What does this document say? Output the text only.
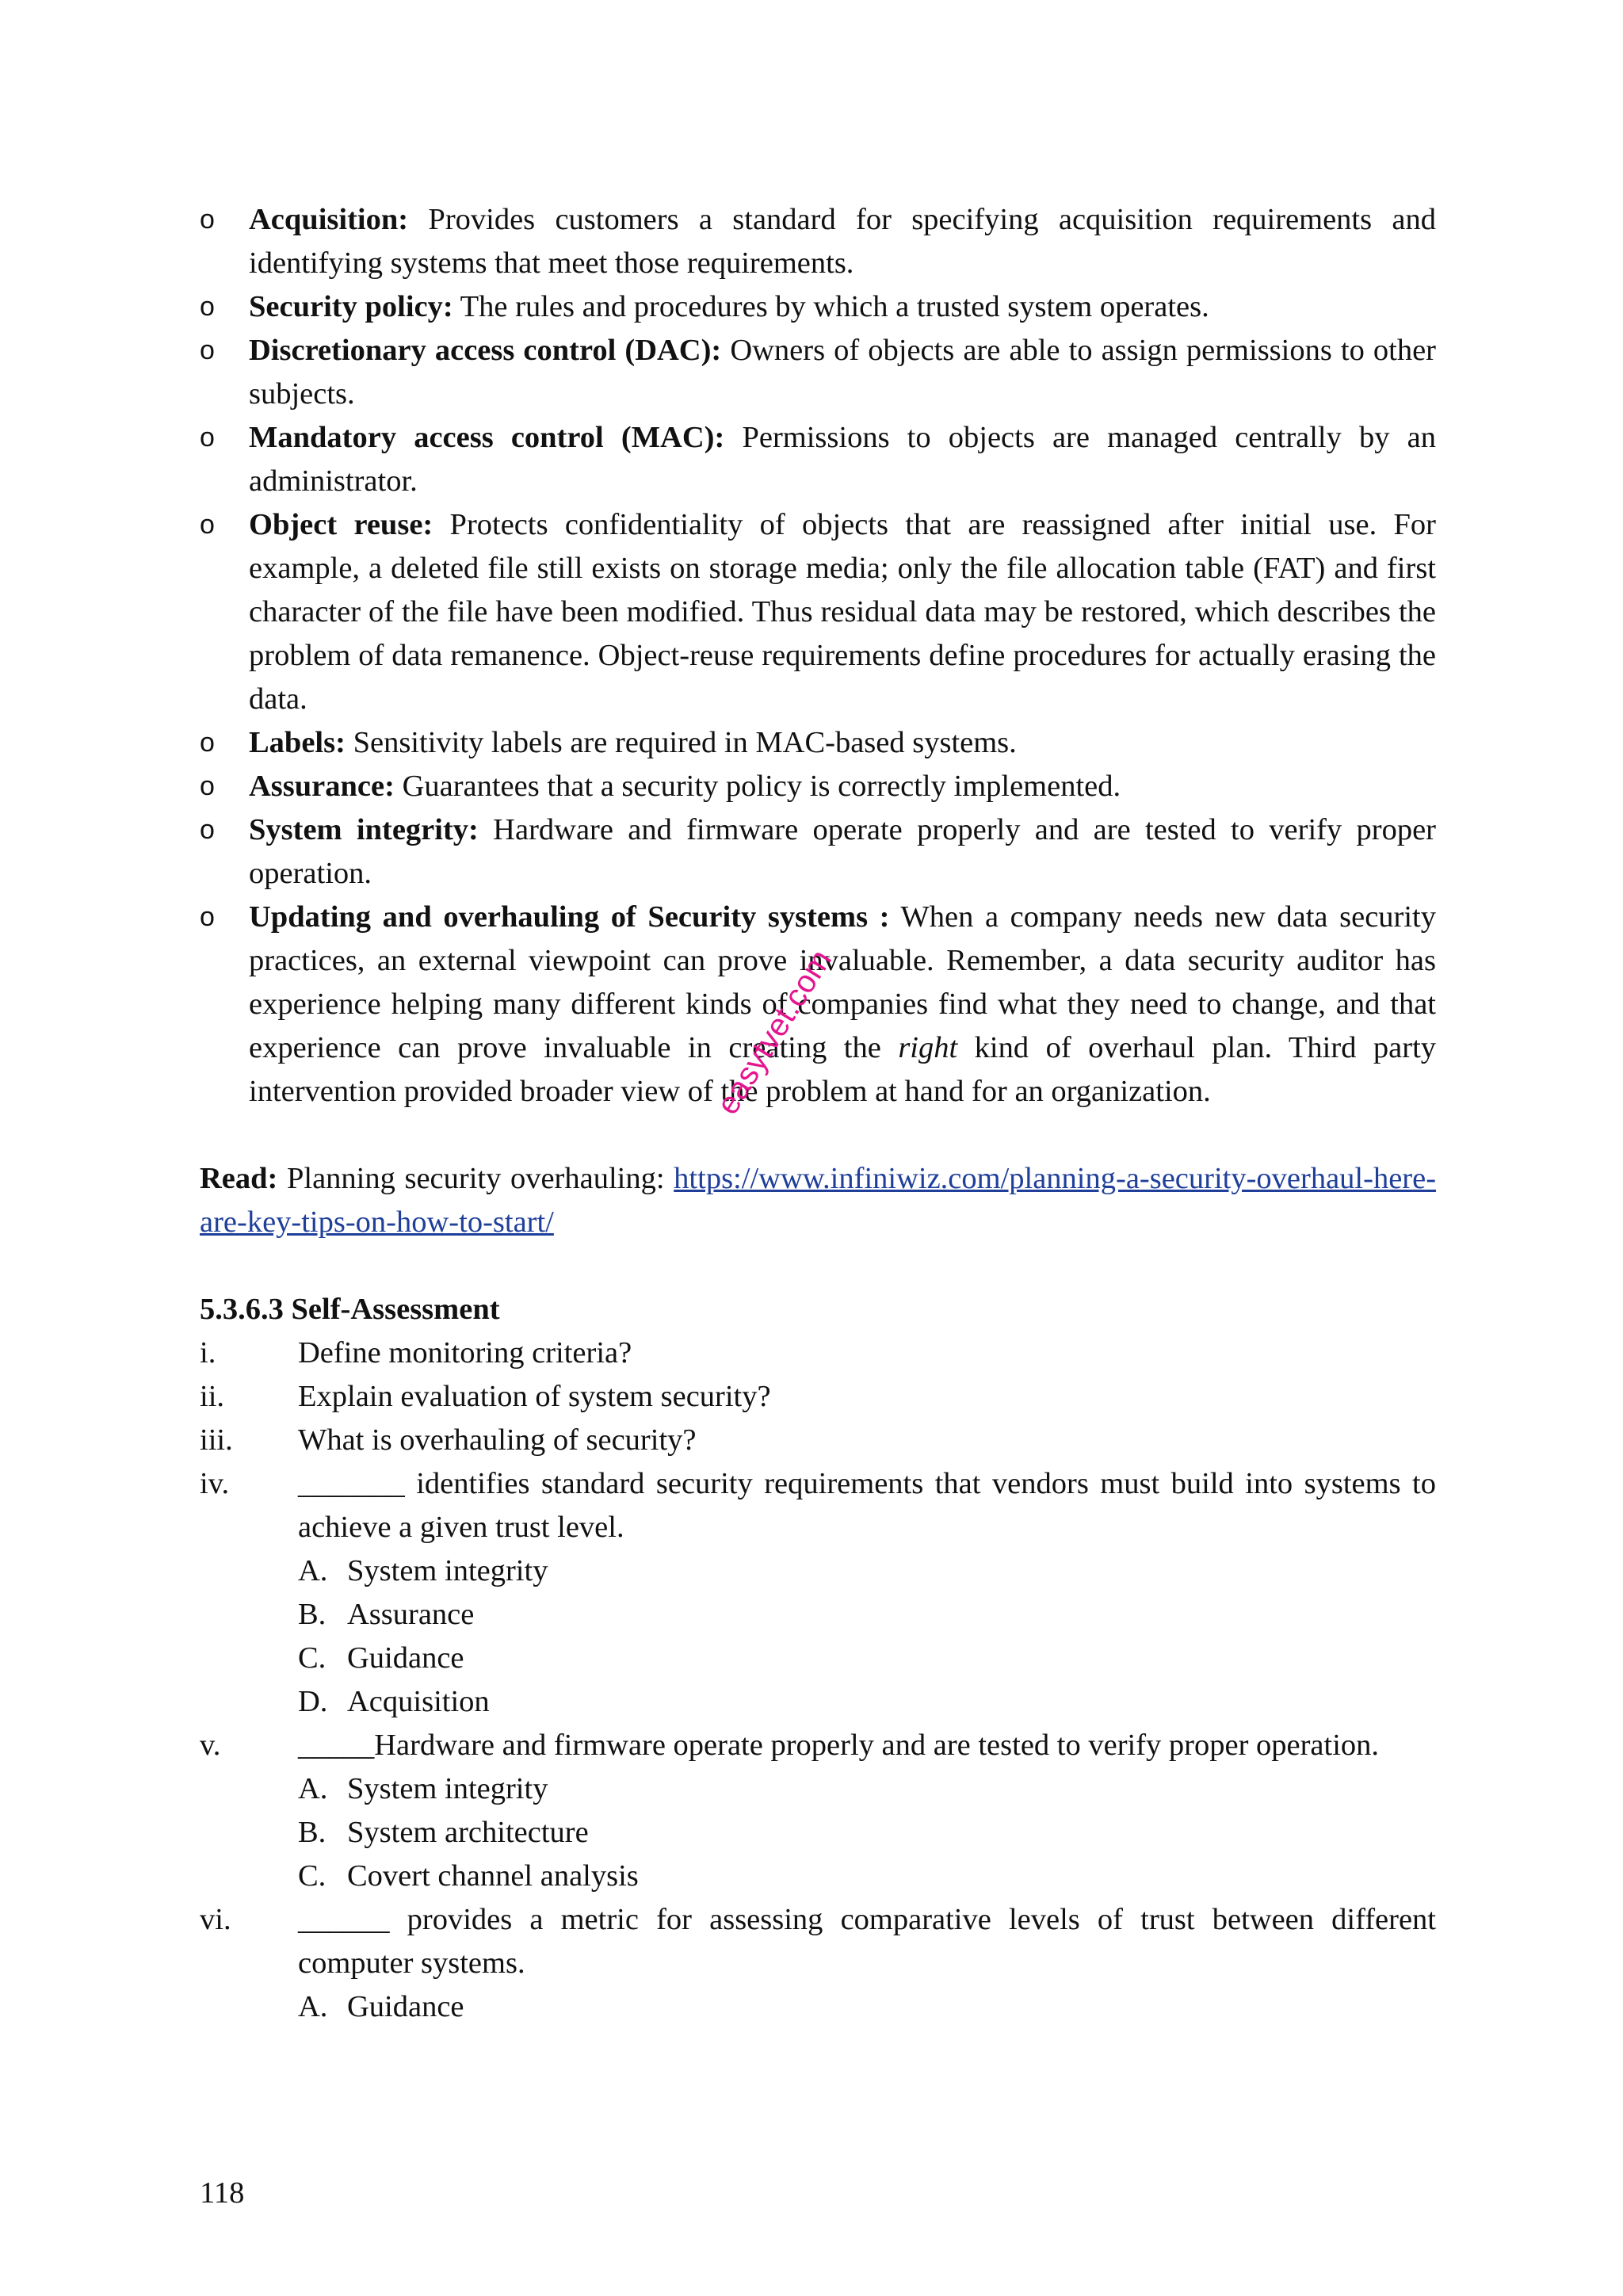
o Acquisition: Provides customers a standard for specifying acquisition requirements and identifying systems that meet those requirements.
o Security policy: The rules and procedures by which a trusted system operates.
o Discretionary access control (DAC): Owners of objects are able to assign permissions to other subjects.
o Mandatory access control (MAC): Permissions to objects are managed centrally by an administrator.
o Object reuse: Protects confidentiality of objects that are reassigned after initial use. For example, a deleted file still exists on storage media; only the file allocation table (FAT) and first character of the file have been modified. Thus residual data may be restored, which describes the problem of data remanence. Object-reuse requirements define procedures for actually erasing the data.
o Labels: Sensitivity labels are required in MAC-based systems.
o Assurance: Guarantees that a security policy is correctly implemented.
o System integrity: Hardware and firmware operate properly and are tested to verify proper operation.
o Updating and overhauling of Security systems : When a company needs new data security practices, an external viewpoint can prove invaluable. Remember, a data security auditor has experience helping many different kinds of companies find what they need to change, and that experience can prove invaluable in creating the right kind of overhaul plan. Third party intervention provided broader view of the problem at hand for an organization.
Read: Planning security overhauling: https://www.infiniwiz.com/planning-a-security-overhaul-here-are-key-tips-on-how-to-start/
5.3.6.3 Self-Assessment
i.	Define monitoring criteria?
ii. Explain evaluation of system security?
iii. What is overhauling of security?
iv. _______ identifies standard security requirements that vendors must build into systems to achieve a given trust level.
A. System integrity
B. Assurance
C. Guidance
D. Acquisition
v.	_____Hardware and firmware operate properly and are tested to verify proper operation.
A. System integrity
B. System architecture
C. Covert channel analysis
vi. ______ provides a metric for assessing comparative levels of trust between different computer systems.
A. Guidance
easytvet.com
118
